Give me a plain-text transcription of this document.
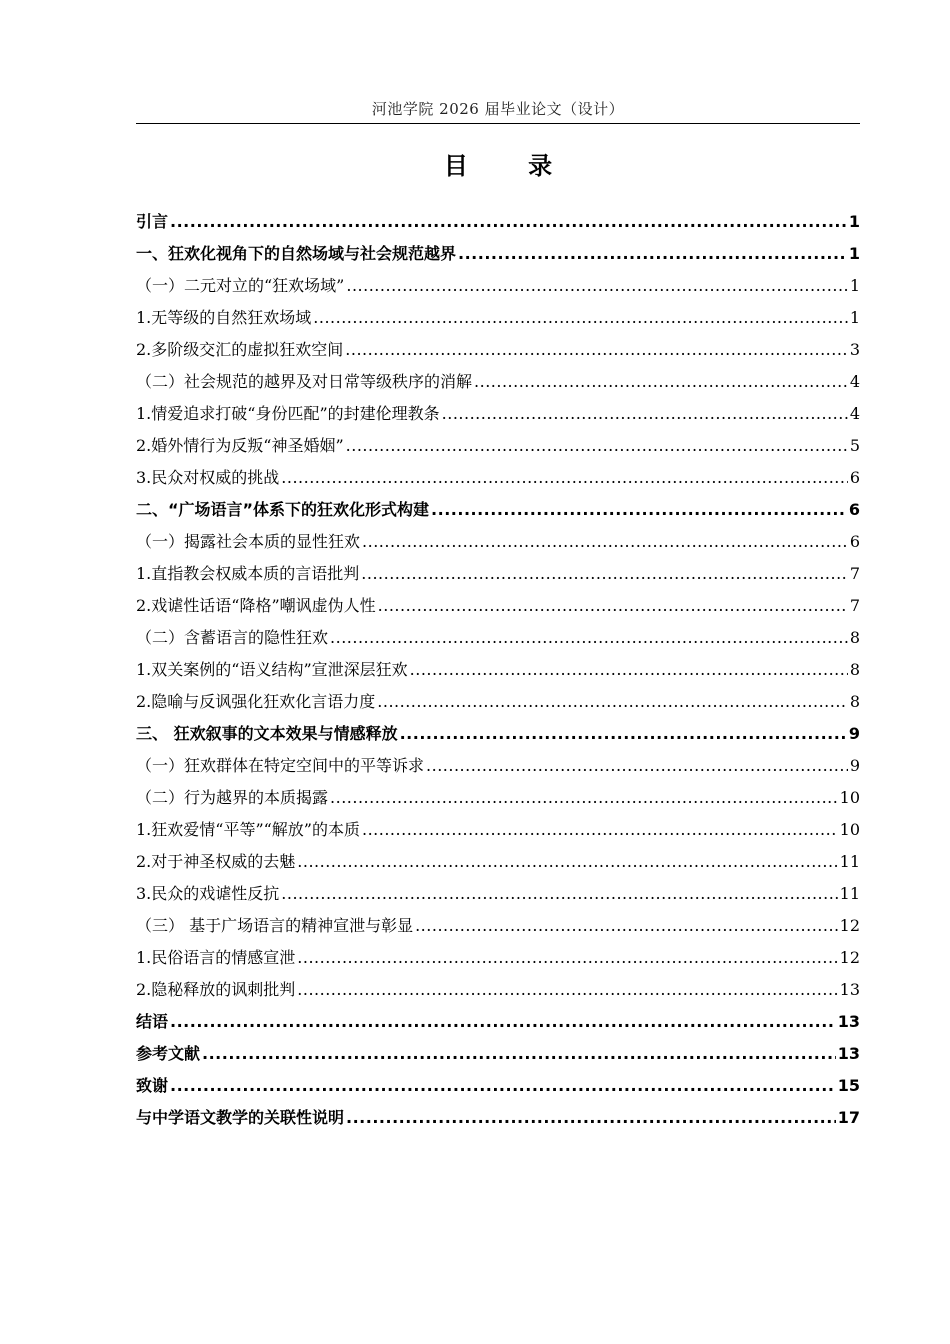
河池学院 2026 届毕业论文（设计）
目 录
引言 .....	1
一、狂欢化视角下的自然场域与社会规范越界 .....	1
（一）二元对立的“狂欢场域” .....	1
1.无等级的自然狂欢场域 .....	1
2.多阶级交汇的虚拟狂欢空间 .....	3
（二）社会规范的越界及对日常等级秩序的消解 .....	4
1.情爱追求打破“身份匹配”的封建伦理教条 .....	4
2.婚外情行为反叛“神圣婚姻” .....	5
3.民众对权威的挑战 .....	6
二、“广场语言”体系下的狂欢化形式构建 .....	6
（一）揭露社会本质的显性狂欢 .....	6
1.直指教会权威本质的言语批判 .....	7
2.戏谑性话语“降格”嘲讽虚伪人性 .....	7
（二）含蓄语言的隐性狂欢 .....	8
1.双关案例的“语义结构”宣泄深层狂欢 .....	8
2.隐喻与反讽强化狂欢化言语力度 .....	8
三、 狂欢叙事的文本效果与情感释放 .....	9
（一）狂欢群体在特定空间中的平等诉求 .....	9
（二）行为越界的本质揭露 .....	10
1.狂欢爱情“平等”“解放”的本质 .....	10
2.对于神圣权威的去魅 .....	11
3.民众的戏谑性反抗 .....	11
（三） 基于广场语言的精神宣泄与彰显 .....	12
1.民俗语言的情感宣泄 .....	12
2.隐秘释放的讽刺批判 .....	13
结语 .....	13
参考文献 .....	13
致谢 .....	15
与中学语文教学的关联性说明 .....	17
